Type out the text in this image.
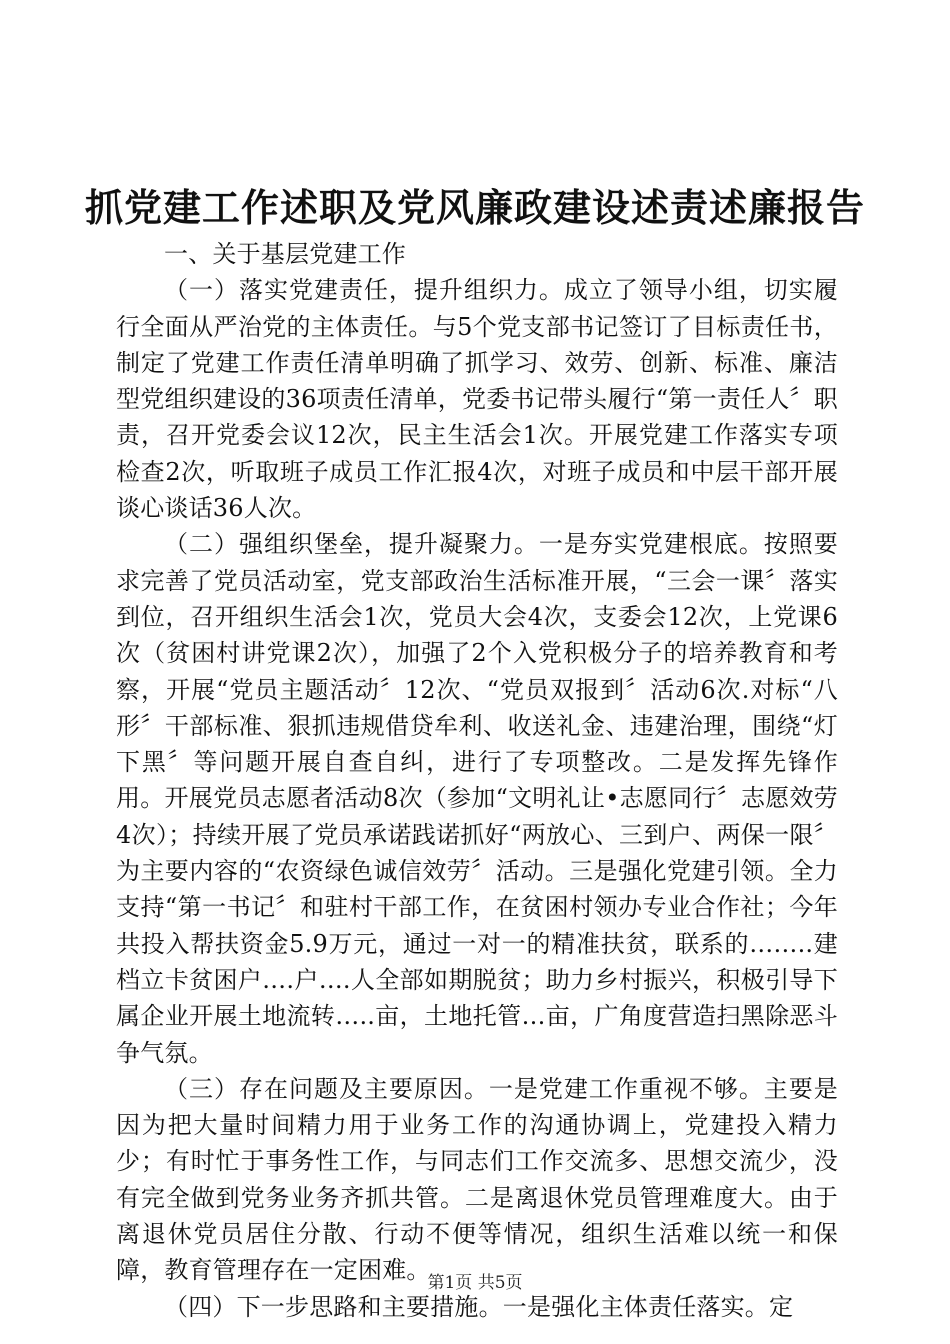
抓党建工作述职及党风廉政建设述责述廉报告

一、关于基层党建工作

（一）落实党建责任，提升组织力。成立了领导小组，切实履行全面从严治党的主体责任。与5个党支部书记签订了目标责任书，制定了党建工作责任清单明确了抓学习、效劳、创新、标准、廉洁型党组织建设的36项责任清单，党委书记带头履行“第一责任人〞职责，召开党委会议12次，民主生活会1次。开展党建工作落实专项检查2次，听取班子成员工作汇报4次，对班子成员和中层干部开展谈心谈话36人次。

（二）强组织堡垒，提升凝聚力。一是夯实党建根底。按照要求完善了党员活动室，党支部政治生活标准开展，“三会一课〞落实到位，召开组织生活会1次，党员大会4次，支委会12次，上党课6次（贫困村讲党课2次），加强了2个入党积极分子的培养教育和考察，开展“党员主题活动〞12次、“党员双报到〞活动6次.对标“八形〞干部标准、狠抓违规借贷牟利、收送礼金、违建治理，围绕“灯下黑〞等问题开展自查自纠，进行了专项整改。二是发挥先锋作用。开展党员志愿者活动8次（参加“文明礼让•志愿同行〞志愿效劳4次）；持续开展了党员承诺践诺抓好“两放心、三到户、两保一限〞为主要内容的“农资绿色诚信效劳〞活动。三是强化党建引领。全力支持“第一书记〞和驻村干部工作，在贫困村领办专业合作社；今年共投入帮扶资金5.9万元，通过一对一的精准扶贫，联系的……..建档立卡贫困户….户….人全部如期脱贫；助力乡村振兴，积极引导下属企业开展土地流转…..亩，土地托管…亩，广角度营造扫黑除恶斗争气氛。

（三）存在问题及主要原因。一是党建工作重视不够。主要是因为把大量时间精力用于业务工作的沟通协调上，党建投入精力少；有时忙于事务性工作，与同志们工作交流多、思想交流少，没有完全做到党务业务齐抓共管。二是离退休党员管理难度大。由于离退休党员居住分散、行动不便等情况，组织生活难以统一和保障，教育管理存在一定困难。

（四）下一步思路和主要措施。一是强化主体责任落实。定

第1页 共5页
